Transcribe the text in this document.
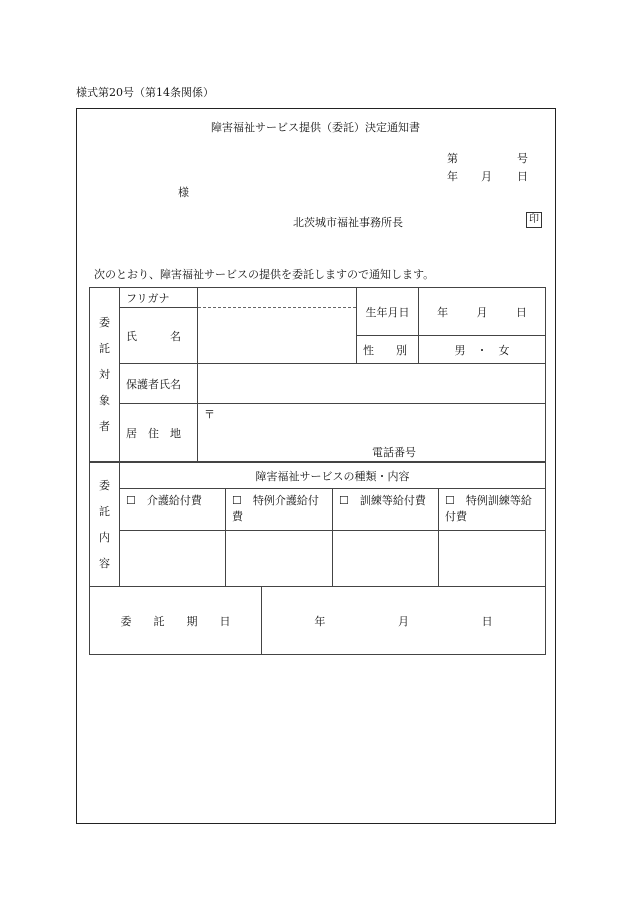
様式第20号（第14条関係）
障害福祉サービス提供（委託）決定通知書
第	号
年 月 日
様
北茨城市福祉事務所長	印
次のとおり、障害福祉サービスの提供を委託しますので通知します。
委
託
対
象
者	フリガナ		生年月日	年 月 日

	氏　　　名			
			性　　別	男　・　女
	保護者氏名			
	居　住　地	〒
電話番号		
委
託
内
容	障害福祉サービスの種類・内容			
	☐　 介護給付費	☐　 特例介護給付費	☐　 訓練等給付費	☐　 特例訓練等給付費

委　　託　　期　　日	年	月	日
